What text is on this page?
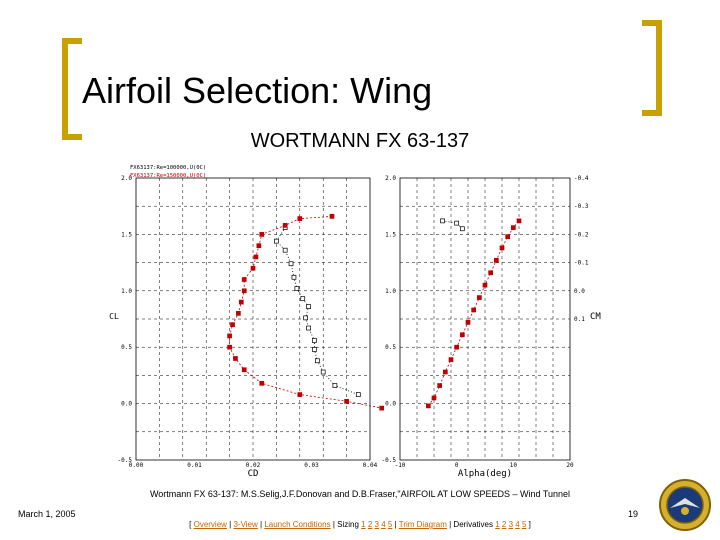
Airfoil Selection: Wing
WORTMANN FX 63-137
2.0
1.5
1.0
0.5
0.0
-0.5
0.00	0.01	0.02	0.03	0.04
CD
CL
FX63137:Re=100000,U(0C)
FX63137:Re=150000,U(0C)	2.0
1.5
1.0
0.5
0.0
-0.5
-10	0	10	20
Alpha(deg)
-0.4
-0.3
-0.2
-0.1
0.0
0.1 CM
Wortmann FX 63-137: M.S.Selig,J.F.Donovan and D.B.Fraser,"AIRFOIL AT LOW SPEEDS – Wind Tunnel
March 1, 2005	19
[ Overview | 3-View | Launch Conditions | Sizing 1 2 3 4 5 | Trim Diagram | Derivatives 1 2 3 4 5 ]
